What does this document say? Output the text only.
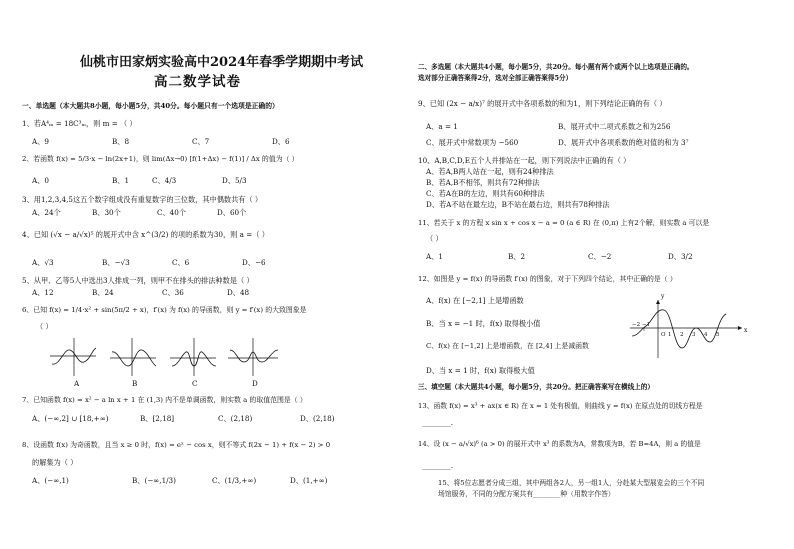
仙桃市田家炳实验高中2024年春季学期期中考试
高二数学试卷
一、单选题（本大题共8小题，每小题5分，共40分。每小题只有一个选项是正确的）
1、若A⁴ₘ = 18C³ₘ，则 m = （ ）
A、9	B、8	C、7	D、6
2、若函数 f(x) = 5/3·x − ln(2x+1)，则 lim(Δx→0) [f(1+Δx) − f(1)] / Δx 的值为（ ）
A、0	B、1	C、4/3	D、5/3
3、用1,2,3,4,5这五个数字组成没有重复数字的三位数，其中偶数共有（ ）
A、24个	B、30个	C、40个	D、60个
4、已知 (√x − a/√x)⁵ 的展开式中含 x^(3/2) 的项的系数为30，则 a =（ ）
A、√3	B、−√3	C、6	D、−6
5、从甲、乙等5人中选出3人排成一列，则甲不在排头的排法种数是（ ）
A、12	B、24	C、36	D、48
6、已知 f(x) = 1/4·x² + sin(5π/2 + x)，f′(x) 为 f(x) 的导函数，则 y = f′(x) 的大致图象是
（ ）
A	B	C	D
7、已知函数 f(x) = x² − a ln x + 1 在 (1,3) 内不是单调函数，则实数 a 的取值范围是（ ）
A、(−∞,2] ∪ [18,+∞)	B、[2,18]	C、(2,18)	D、(2,18)
8、设函数 f(x) 为奇函数，且当 x ≥ 0 时，f(x) = eˣ − cos x，则不等式 f(2x − 1) + f(x − 2) > 0
的解集为（ ）
A、(−∞,1)	B、(−∞,1/3)	C、(1/3,+∞)	D、(1,+∞)
二、多选题（本大题共4小题，每小题5分，共20分。每小题有两个或两个以上选项是正确的。
选对部分正确答案得2分，选对全部正确答案得5分）
9、已知 (2x − a/x)⁷ 的展开式中各项系数的和为1，则下列结论正确的有（ ）
A、a = 1	B、展开式中二项式系数之和为256
C、展开式中常数项为 −560	D、展开式中各项系数的绝对值的和为 3⁷
10、A,B,C,D,E五个人并排站在一起，则下列说法中正确的有（ ）
A、若A,B两人站在一起，则有24种排法
B、若A,B不相邻，则共有72种排法
C、若A在B的左边，则共有60种排法
D、若A不站在最左边，B不站在最右边，则共有78种排法
11、若关于 x 的方程 x sin x + cos x − a = 0 (a ∈ R) 在 (0,π) 上有2个解，则实数 a 可以是
（ ）
A、1	B、2	C、−2	D、3/2
12、如图是 y = f(x) 的导函数 f′(x) 的图象，对于下列四个结论，其中正确的是（ ）
A、f(x) 在 [−2,1] 上是增函数
B、当 x = −1 时，f(x) 取得极小值
C、f(x) 在 [−1,2] 上是增函数，在 [2,4] 上是减函数
D、当 x = 1 时，f(x) 取得极大值
y
x
O
−2 −1
1 2 3 4 5
三、填空题（本大题共4小题，每小题5分，共20分。把正确答案写在横线上的）
13、函数 f(x) = x³ + ax(x ∈ R) 在 x = 1 处有极值，则曲线 y = f(x) 在原点处的切线方程是
________.
14、设 (x − a/√x)⁶ (a > 0) 的展开式中 x³ 的系数为A，常数项为B，若 B=4A，则 a 的值是
________.
15、将5位志愿者分成三组，其中两组各2人，另一组1人，分赴某大型展览会的三个不同
场馆服务，不同的分配方案共有________种（用数字作答）
